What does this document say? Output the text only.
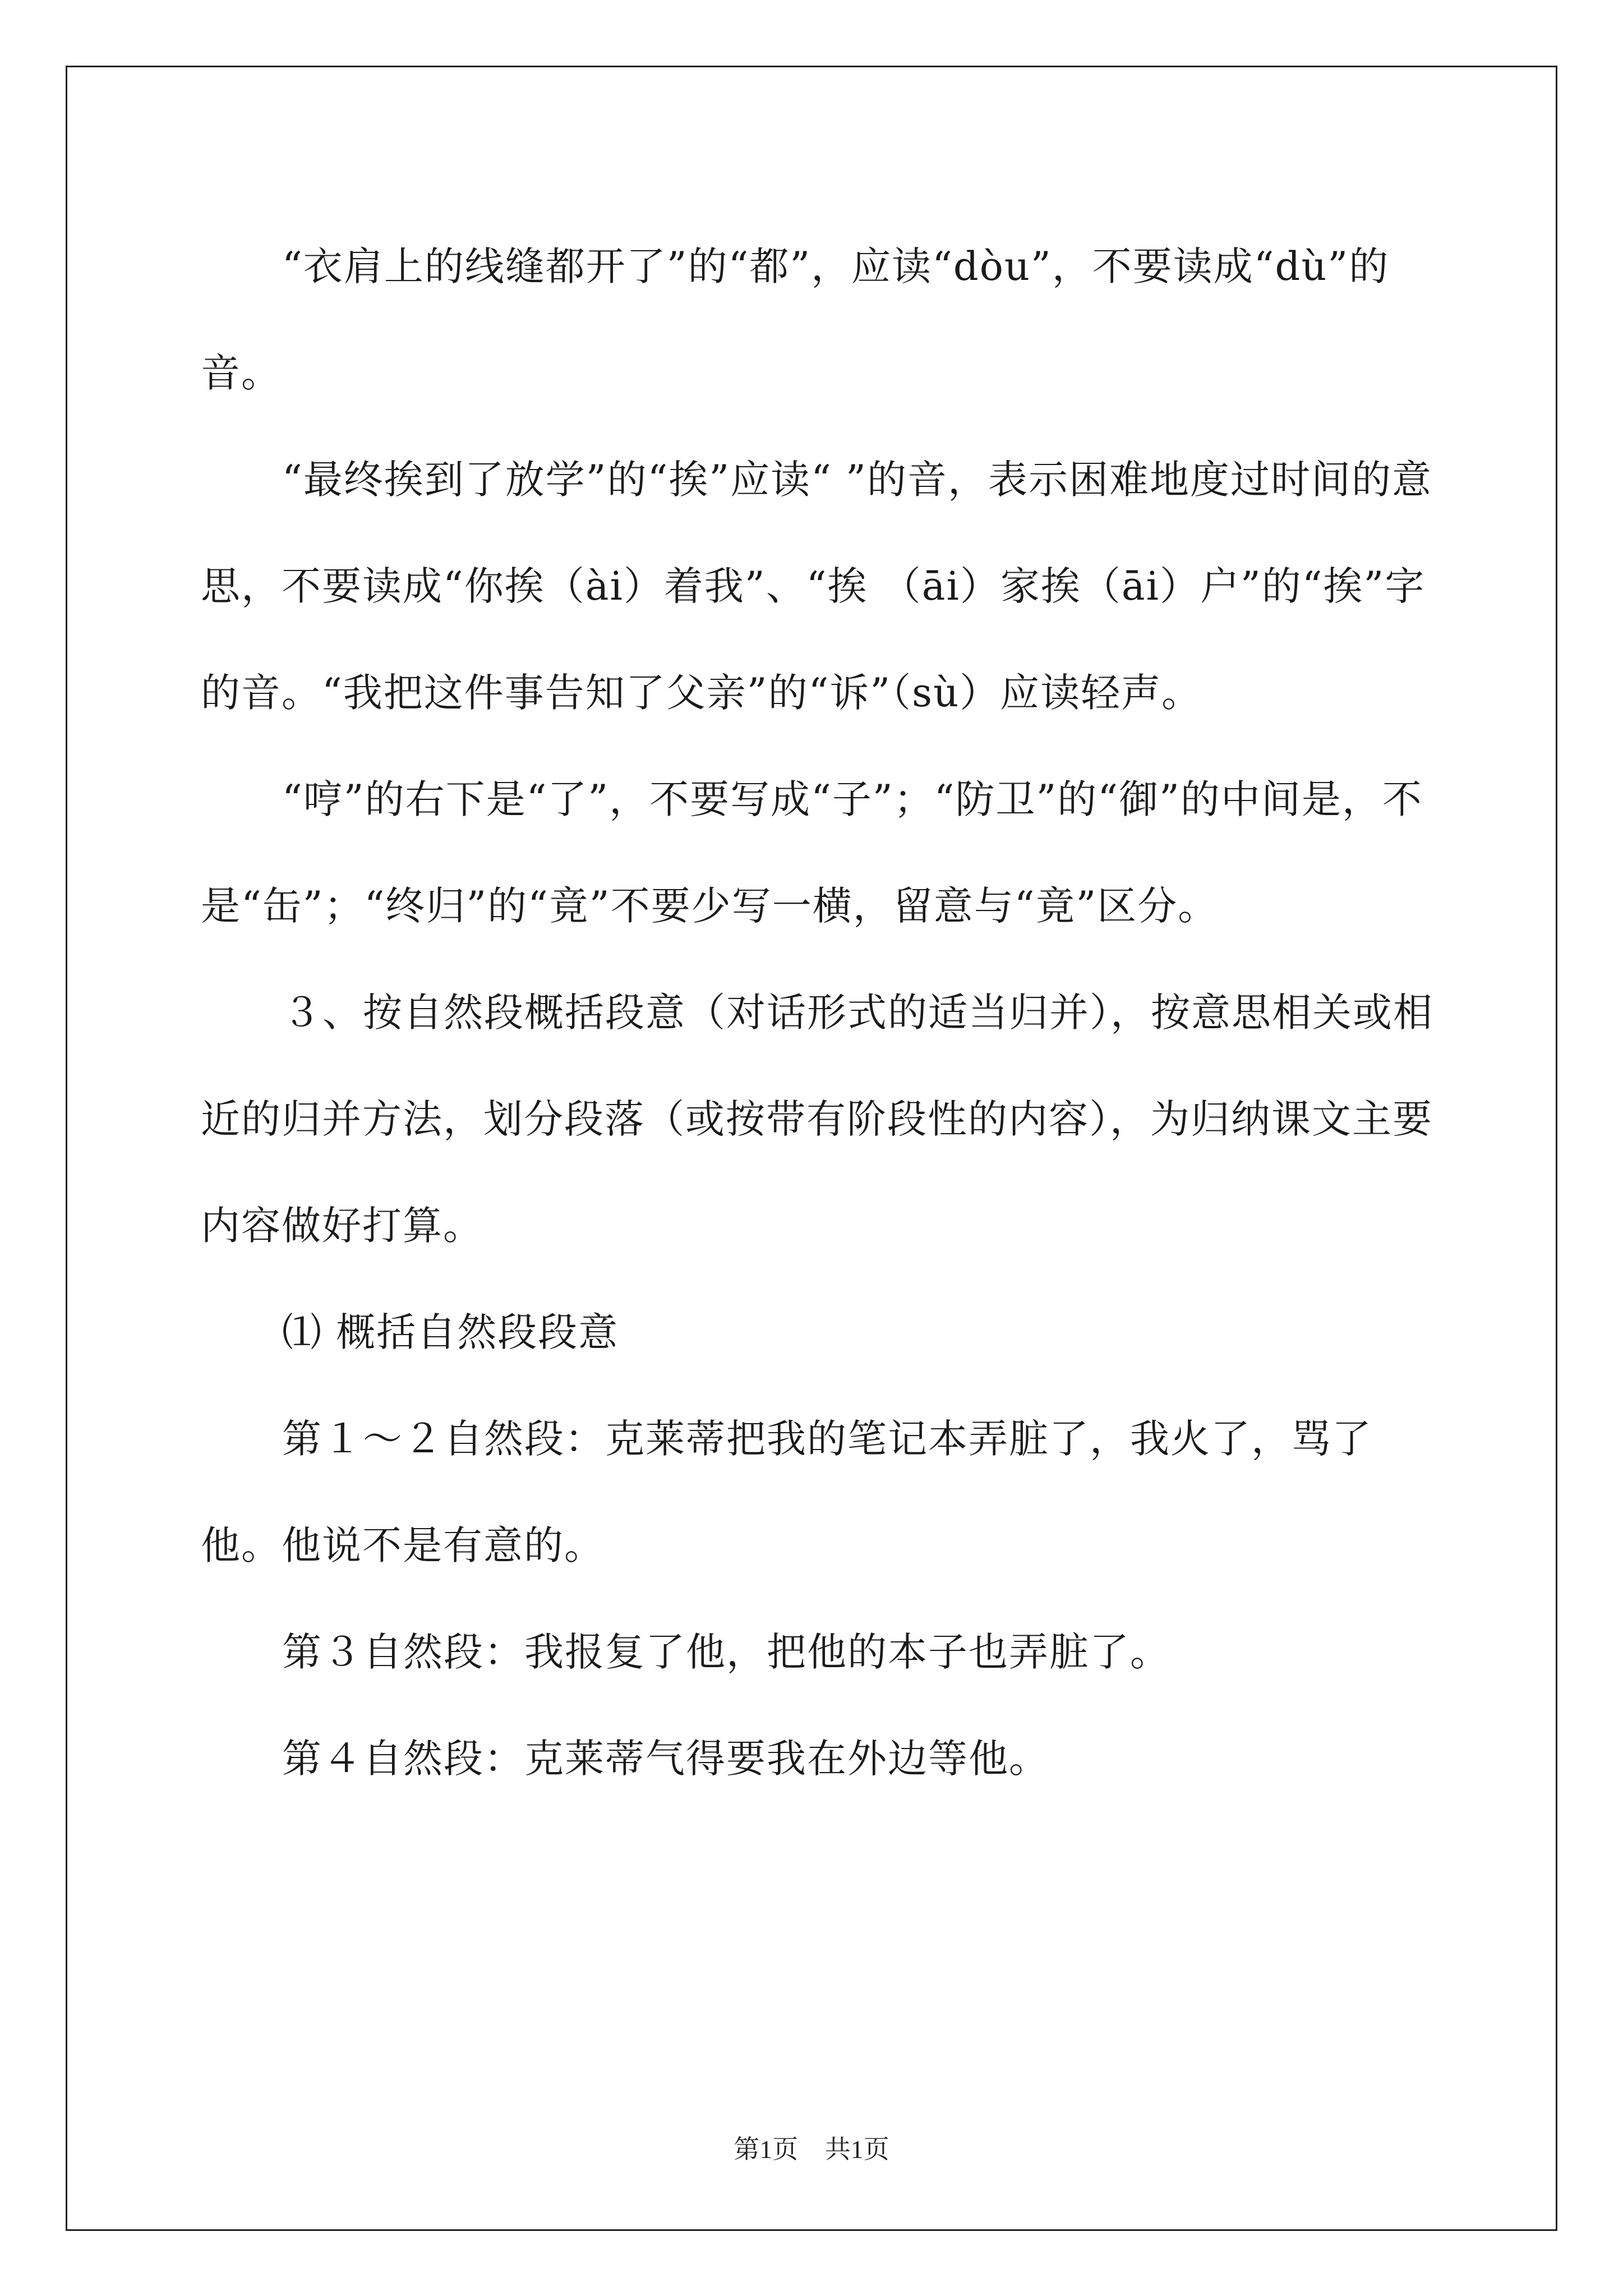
“衣肩上的线缝都开了”的“都”，应读“dòu”，不要读成“dù”的音。

“最终挨到了放学”的“挨”应读“ ”的音，表示困难地度过时间的意思，不要读成“你挨（ài）着我”、“挨 （āi）家挨（āi）户”的“挨”字的音。“我把这件事告知了父亲”的“诉”（sù）应读轻声。

“哼”的右下是“了”，不要写成“子”；“防卫”的“御”的中间是，不是“缶”；“终归”的“竟”不要少写一横，留意与“竟”区分。

３、按自然段概括段意（对话形式的适当归并），按意思相关或相近的归并方法，划分段落（或按带有阶段性的内容），为归纳课文主要内容做好打算。

⑴ 概括自然段段意

第１～２自然段：克莱蒂把我的笔记本弄脏了，我火了，骂了他。他说不是有意的。

第３自然段：我报复了他，把他的本子也弄脏了。

第４自然段：克莱蒂气得要我在外边等他。

第1页 共1页
